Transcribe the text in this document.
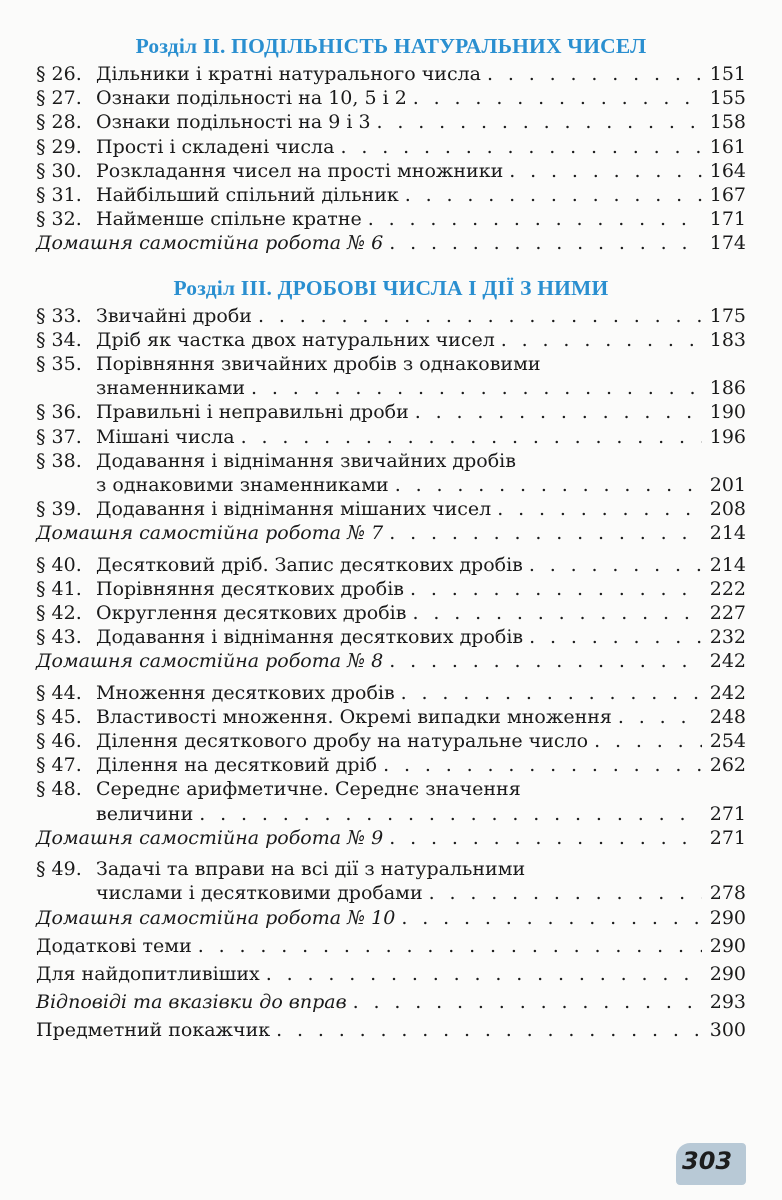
Розділ II. ПОДІЛЬНІСТЬ НАТУРАЛЬНИХ ЧИСЕЛ
§ 26. Дільники і кратні натурального числа . . .	151
§ 27. Ознаки подільності на 10, 5 і 2 . . .	155
§ 28. Ознаки подільності на 9 і 3 . . .	158
§ 29. Прості і складені числа . . .	161
§ 30. Розкладання чисел на прості множники . . .	164
§ 31. Найбільший спільний дільник . . .	167
§ 32. Найменше спільне кратне . . .	171
Домашня самостійна робота № 6 . . .	174
Розділ III. ДРОБОВІ ЧИСЛА І ДІЇ З НИМИ
§ 33. Звичайні дроби . . .	175
§ 34. Дріб як частка двох натуральних чисел . . .	183
§ 35. Порівняння звичайних дробів з однаковими
знаменниками . . .	186
§ 36. Правильні і неправильні дроби . . .	190
§ 37. Мішані числа . . .	196
§ 38. Додавання і віднімання звичайних дробів
з однаковими знаменниками . . .	201
§ 39. Додавання і віднімання мішаних чисел . . .	208
Домашня самостійна робота № 7 . . .	214
§ 40. Десятковий дріб. Запис десяткових дробів . . .	214
§ 41. Порівняння десяткових дробів . . .	222
§ 42. Округлення десяткових дробів . . .	227
§ 43. Додавання і віднімання десяткових дробів . . .	232
Домашня самостійна робота № 8 . . .	242
§ 44. Множення десяткових дробів . . .	242
§ 45. Властивості множення. Окремі випадки множення . . .	248
§ 46. Ділення десяткового дробу на натуральне число . . .	254
§ 47. Ділення на десятковий дріб . . .	262
§ 48. Середнє арифметичне. Середнє значення
величини . . .	271
Домашня самостійна робота № 9 . . .	271
§ 49. Задачі та вправи на всі дії з натуральними
числами і десятковими дробами . . .	278
Домашня самостійна робота № 10 . . .	290
Додаткові теми . . .	290
Для найдопитливіших . . .	290
Відповіді та вказівки до вправ . . .	293
Предметний покажчик . . .	300
303
